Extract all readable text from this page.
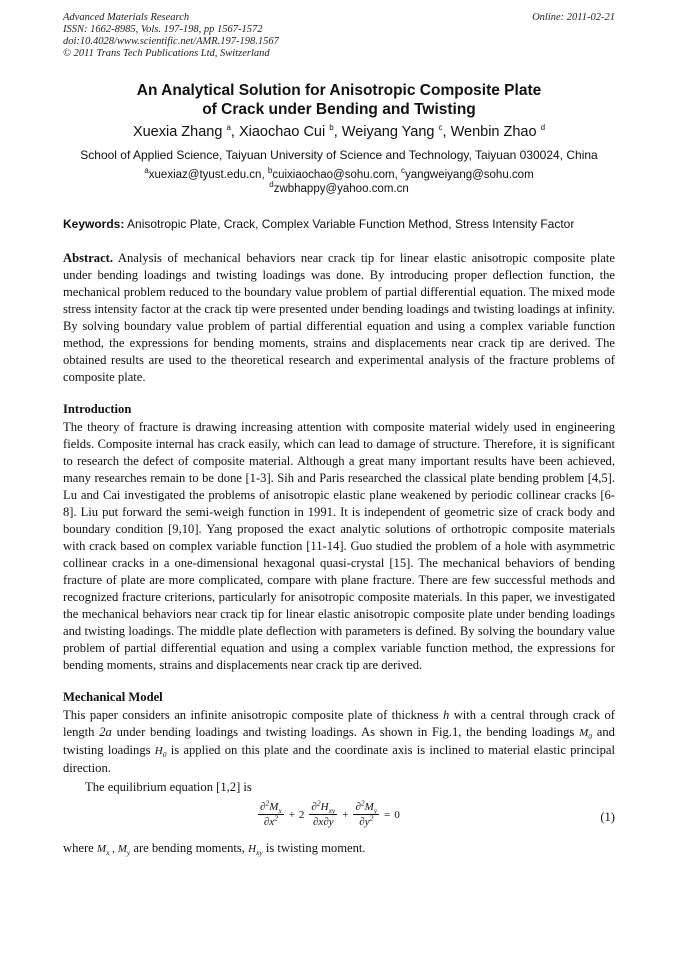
Advanced Materials Research
ISSN: 1662-8985, Vols. 197-198, pp 1567-1572
doi:10.4028/www.scientific.net/AMR.197-198.1567
© 2011 Trans Tech Publications Ltd, Switzerland
Online: 2011-02-21
An Analytical Solution for Anisotropic Composite Plate
of Crack under Bending and Twisting
Xuexia Zhang $^a$, Xiaochao Cui $^b$, Weiyang Yang $^c$, Wenbin Zhao $^d$
School of Applied Science, Taiyuan University of Science and Technology, Taiyuan 030024, China
$^a$xuexiaz@tyust.edu.cn, $^b$cuixiaochao@sohu.com, $^c$yangweiyang@sohu.com
$^d$zwbhappy@yahoo.com.cn
Keywords: Anisotropic Plate, Crack, Complex Variable Function Method, Stress Intensity Factor
Abstract. Analysis of mechanical behaviors near crack tip for linear elastic anisotropic composite plate under bending loadings and twisting loadings was done. By introducing proper deflection function, the mechanical problem reduced to the boundary value problem of partial differential equation. The mixed mode stress intensity factor at the crack tip were presented under bending loadings and twisting loadings at infinity. By solving boundary value problem of partial differential equation and using a complex variable function method, the expressions for bending moments, strains and displacements near crack tip are derived. The obtained results are used to the theoretical research and experimental analysis of the fracture problems of composite plate.
Introduction
The theory of fracture is drawing increasing attention with composite material widely used in engineering fields. Composite internal has crack easily, which can lead to damage of structure. Therefore, it is significant to research the defect of composite material. Although a great many important results have been achieved, many researches remain to be done [1-3]. Sih and Paris researched the classical plate bending problem [4,5]. Lu and Cai investigated the problems of anisotropic elastic plane weakened by periodic collinear cracks [6-8]. Liu put forward the semi-weigh function in 1991. It is independent of geometric size of crack body and boundary condition [9,10]. Yang proposed the exact analytic solutions of orthotropic composite materials with crack based on complex variable function [11-14]. Guo studied the problem of a hole with asymmetric collinear cracks in a one-dimensional hexagonal quasi-crystal [15]. The mechanical behaviors of bending fracture of plate are more complicated, compare with plane fracture. There are few successful methods and recognized fracture criterions, particularly for anisotropic composite materials. In this paper, we investigated the mechanical behaviors near crack tip for linear elastic anisotropic composite plate under bending loadings and twisting loadings. The middle plate deflection with parameters is defined. By solving the boundary value problem of partial differential equation and using a complex variable function method, the expressions for bending moments, strains and displacements near crack tip are derived.
Mechanical Model
This paper considers an infinite anisotropic composite plate of thickness h with a central through crack of length 2a under bending loadings and twisting loadings. As shown in Fig.1, the bending loadings $M_0$ and twisting loadings $H_0$ is applied on this plate and the coordinate axis is inclined to material elastic principal direction.
The equilibrium equation [1,2] is
$\frac{\partial^2M_x}{\partial x^2} + 2 \frac{\partial^2H_{xy}}{\partial x\partial y} + \frac{\partial^2M_y}{\partial y^2} = 0$	(1)
where $M_x$ , $M_y$ are bending moments, $H_{xy}$ is twisting moment.
